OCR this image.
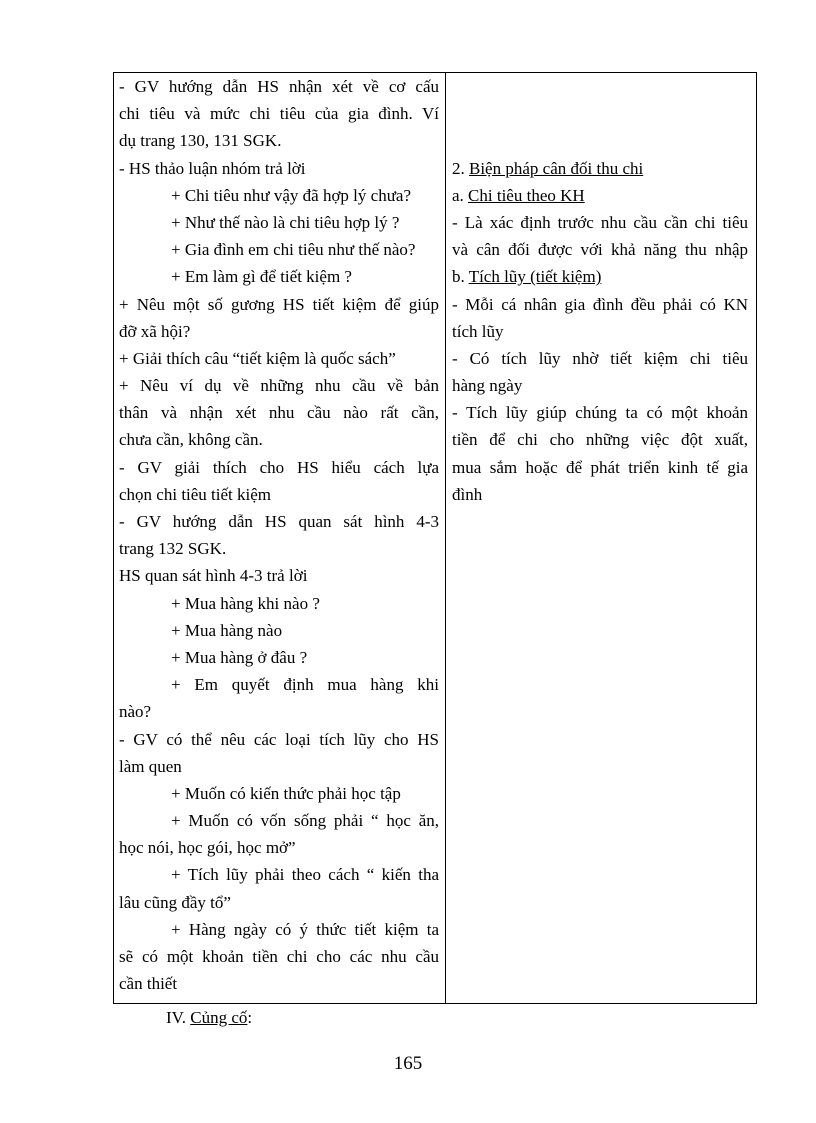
- GV hướng dẫn HS nhận xét về cơ cấu
chi tiêu và mức chi tiêu của gia đình. Ví
dụ trang 130, 131 SGK.
- HS thảo luận nhóm trả lời
+ Chi tiêu như vậy đã hợp lý chưa?
+ Như thế nào là chi tiêu hợp lý ?
+ Gia đình em chi tiêu như thế nào?
+ Em làm gì để tiết kiệm ?
+ Nêu một số gương HS tiết kiệm để giúp
đỡ xã hội?
+ Giải thích câu “tiết kiệm là quốc sách”
+ Nêu ví dụ về những nhu cầu về bản
thân và nhận xét nhu cầu nào rất cần,
chưa cần, không cần.
- GV giải thích cho HS hiểu cách lựa
chọn chi tiêu tiết kiệm
- GV hướng dẫn HS quan sát hình 4-3
trang 132 SGK.
HS quan sát hình 4-3 trả lời
+ Mua hàng khi nào ?
+ Mua hàng nào
+ Mua hàng ở đâu ?
+ Em quyết định mua hàng khi
nào?
- GV có thể nêu các loại tích lũy cho HS
làm quen
+ Muốn có kiến thức phải học tập
+ Muốn có vốn sống phải “ học ăn,
học nói, học gói, học mở”
+ Tích lũy phải theo cách “ kiến tha
lâu cũng đầy tổ”
+ Hàng ngày có ý thức tiết kiệm ta
sẽ có một khoản tiền chi cho các nhu cầu
cần thiết
2. Biện pháp cân đối thu chi
a. Chi tiêu theo KH
- Là xác định trước nhu cầu cần chi tiêu
và cân đối được với khả năng thu nhập
b. Tích lũy (tiết kiệm)
- Mỗi cá nhân gia đình đều phải có KN
tích lũy
- Có tích lũy nhờ tiết kiệm chi tiêu
hàng ngày
- Tích lũy giúp chúng ta có một khoản
tiền để chi cho những việc đột xuất,
mua sắm hoặc để phát triển kinh tế gia
đình
IV. Củng cố:
165
